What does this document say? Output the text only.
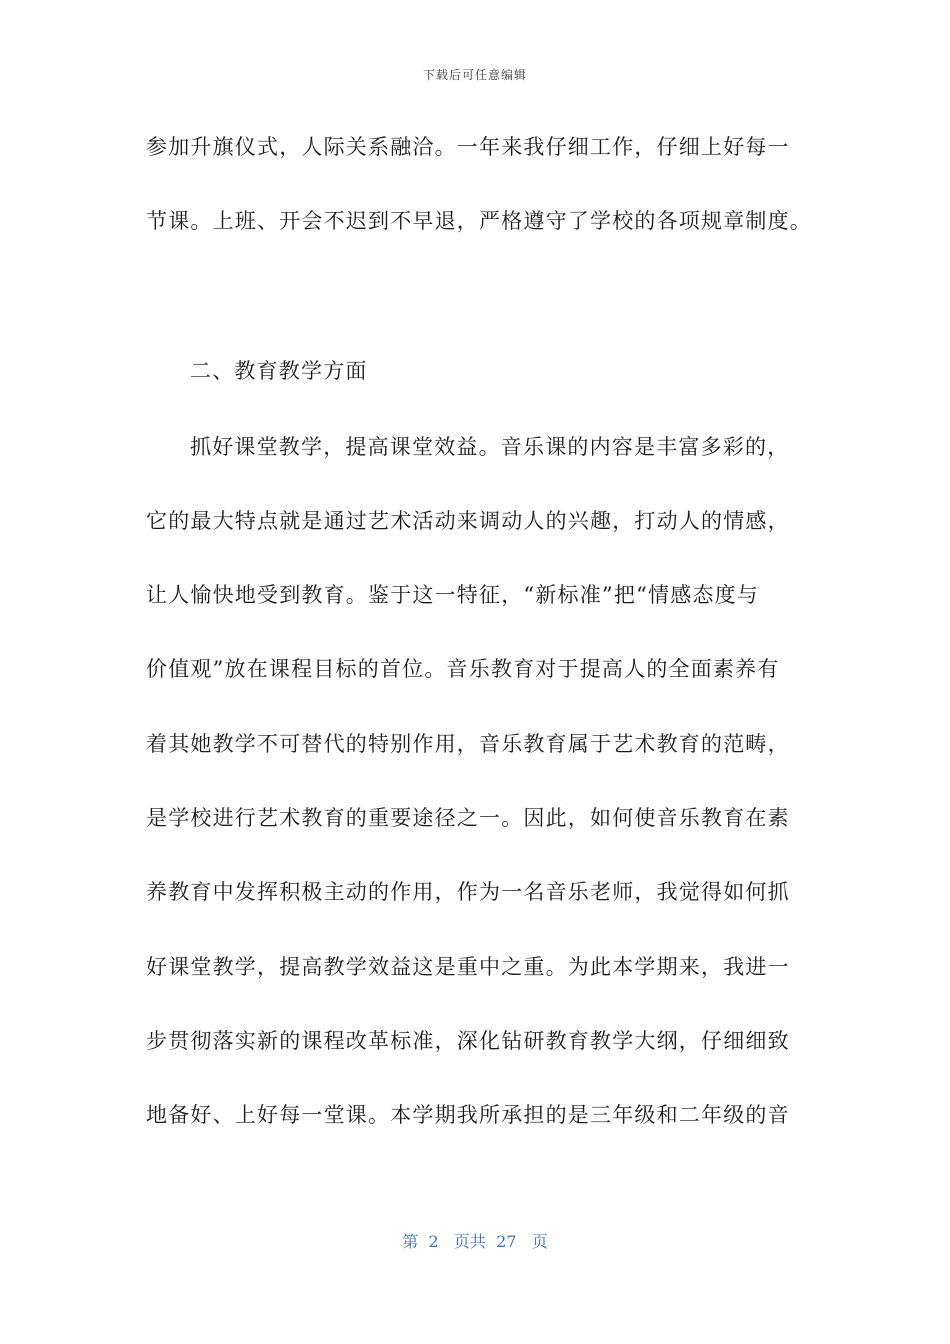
下载后可任意编辑
参加升旗仪式，人际关系融洽。一年来我仔细工作，仔细上好每一
节课。上班、开会不迟到不早退，严格遵守了学校的各项规章制度。
二、教育教学方面
抓好课堂教学，提高课堂效益。音乐课的内容是丰富多彩的，
它的最大特点就是通过艺术活动来调动人的兴趣，打动人的情感，
让人愉快地受到教育。鉴于这一特征，“新标准”把“情感态度与
价值观”放在课程目标的首位。音乐教育对于提高人的全面素养有
着其她教学不可替代的特别作用，音乐教育属于艺术教育的范畴，
是学校进行艺术教育的重要途径之一。因此，如何使音乐教育在素
养教育中发挥积极主动的作用，作为一名音乐老师，我觉得如何抓
好课堂教学，提高教学效益这是重中之重。为此本学期来，我进一
步贯彻落实新的课程改革标准，深化钻研教育教学大纲，仔细细致
地备好、上好每一堂课。本学期我所承担的是三年级和二年级的音
第  2   页共  27   页
